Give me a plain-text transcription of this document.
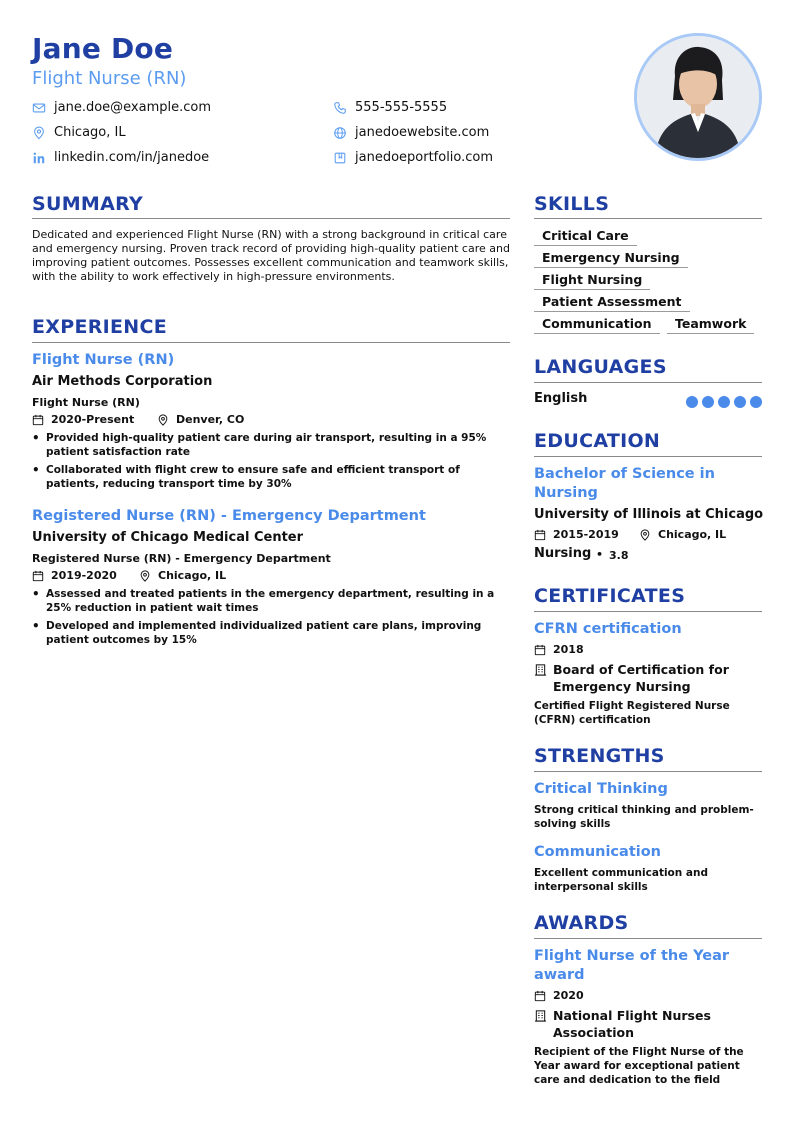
Jane Doe
Flight Nurse (RN)
jane.doe@example.com	555-555-5555
Chicago, IL	janedoewebsite.com
linkedin.com/in/janedoe	janedoeportfolio.com
SUMMARY
Dedicated and experienced Flight Nurse (RN) with a strong background in critical care and emergency nursing. Proven track record of providing high-quality patient care and improving patient outcomes. Possesses excellent communication and teamwork skills, with the ability to work effectively in high-pressure environments.
EXPERIENCE
Flight Nurse (RN)
Air Methods Corporation
Flight Nurse (RN)
2020-Present	Denver, CO
• Provided high-quality patient care during air transport, resulting in a 95% patient satisfaction rate
• Collaborated with flight crew to ensure safe and efficient transport of patients, reducing transport time by 30%
Registered Nurse (RN) - Emergency Department
University of Chicago Medical Center
Registered Nurse (RN) - Emergency Department
2019-2020	Chicago, IL
• Assessed and treated patients in the emergency department, resulting in a 25% reduction in patient wait times
• Developed and implemented individualized patient care plans, improving patient outcomes by 15%
SKILLS
Critical Care
Emergency Nursing
Flight Nursing
Patient Assessment
Communication	Teamwork
LANGUAGES
English
EDUCATION
Bachelor of Science in Nursing
University of Illinois at Chicago
2015-2019	Chicago, IL
Nursing • 3.8
CERTIFICATES
CFRN certification
2018
Board of Certification for Emergency Nursing
Certified Flight Registered Nurse (CFRN) certification
STRENGTHS
Critical Thinking
Strong critical thinking and problem-solving skills
Communication
Excellent communication and interpersonal skills
AWARDS
Flight Nurse of the Year award
2020
National Flight Nurses Association
Recipient of the Flight Nurse of the Year award for exceptional patient care and dedication to the field
